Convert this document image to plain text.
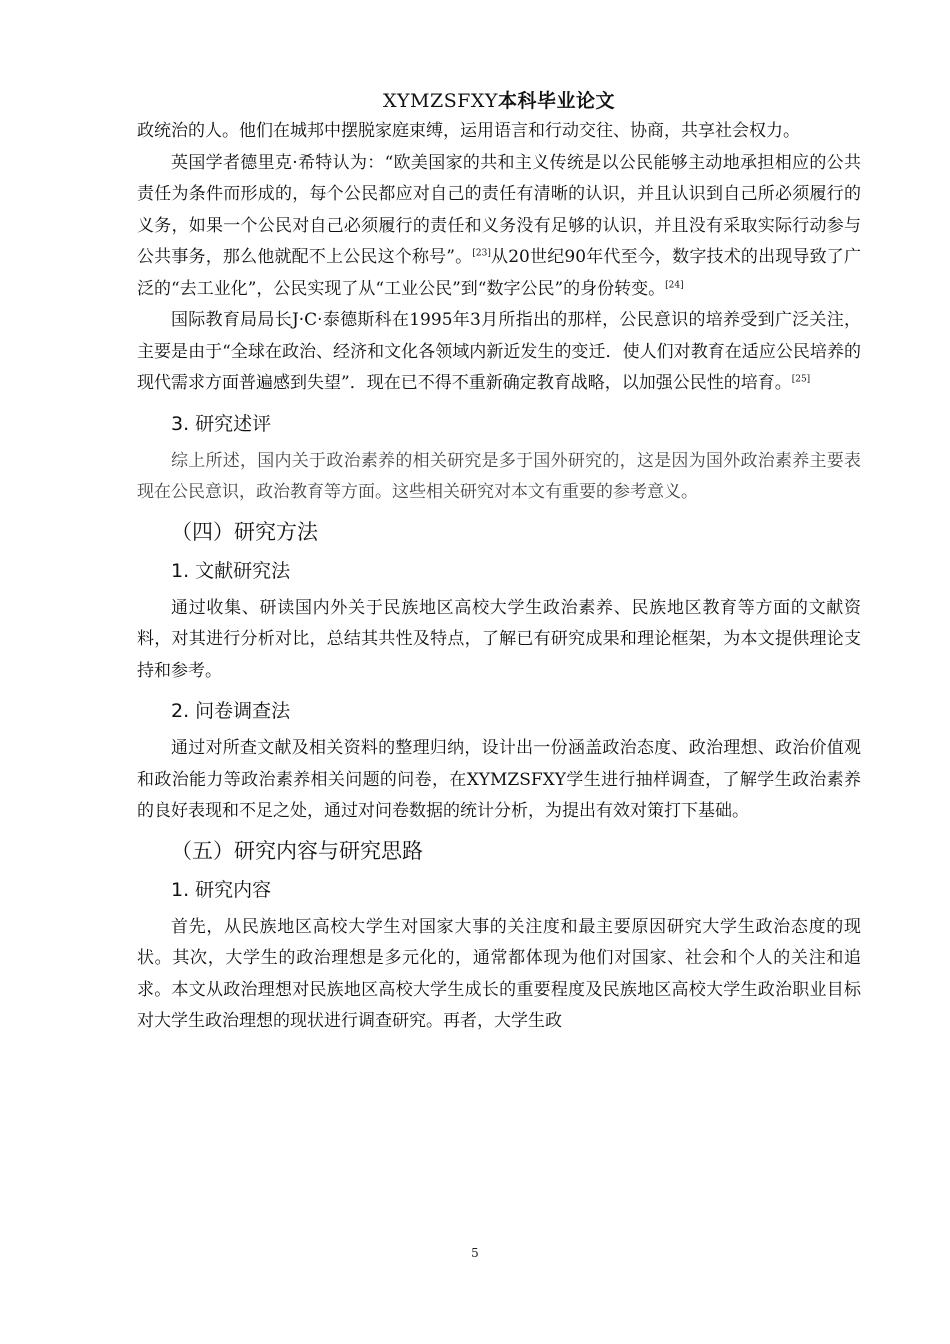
XYMZSFXY本科毕业论文

政统治的人。他们在城邦中摆脱家庭束缚，运用语言和行动交往、协商，共享社会权力。

英国学者德里克·希特认为：“欧美国家的共和主义传统是以公民能够主动地承担相应的公共责任为条件而形成的，每个公民都应对自己的责任有清晰的认识，并且认识到自己所必须履行的义务，如果一个公民对自己必须履行的责任和义务没有足够的认识，并且没有采取实际行动参与公共事务，那么他就配不上公民这个称号”。[23]从20世纪90年代至今，数字技术的出现导致了广泛的“去工业化”，公民实现了从“工业公民”到“数字公民”的身份转变。[24]

国际教育局局长J·C·泰德斯科在1995年3月所指出的那样，公民意识的培养受到广泛关注，主要是由于“全球在政治、经济和文化各领域内新近发生的变迁．使人们对教育在适应公民培养的现代需求方面普遍感到失望”．现在已不得不重新确定教育战略，以加强公民性的培育。[25]

3. 研究述评

综上所述，国内关于政治素养的相关研究是多于国外研究的，这是因为国外政治素养主要表现在公民意识，政治教育等方面。这些相关研究对本文有重要的参考意义。

（四）研究方法
1. 文献研究法

通过收集、研读国内外关于民族地区高校大学生政治素养、民族地区教育等方面的文献资料，对其进行分析对比，总结其共性及特点，了解已有研究成果和理论框架，为本文提供理论支持和参考。

2. 问卷调查法

通过对所查文献及相关资料的整理归纳，设计出一份涵盖政治态度、政治理想、政治价值观和政治能力等政治素养相关问题的问卷，在XYMZSFXY学生进行抽样调查，了解学生政治素养的良好表现和不足之处，通过对问卷数据的统计分析，为提出有效对策打下基础。

（五）研究内容与研究思路
1. 研究内容

首先，从民族地区高校大学生对国家大事的关注度和最主要原因研究大学生政治态度的现状。其次，大学生的政治理想是多元化的，通常都体现为他们对国家、社会和个人的关注和追求。本文从政治理想对民族地区高校大学生成长的重要程度及民族地区高校大学生政治职业目标对大学生政治理想的现状进行调查研究。再者，大学生政

5
